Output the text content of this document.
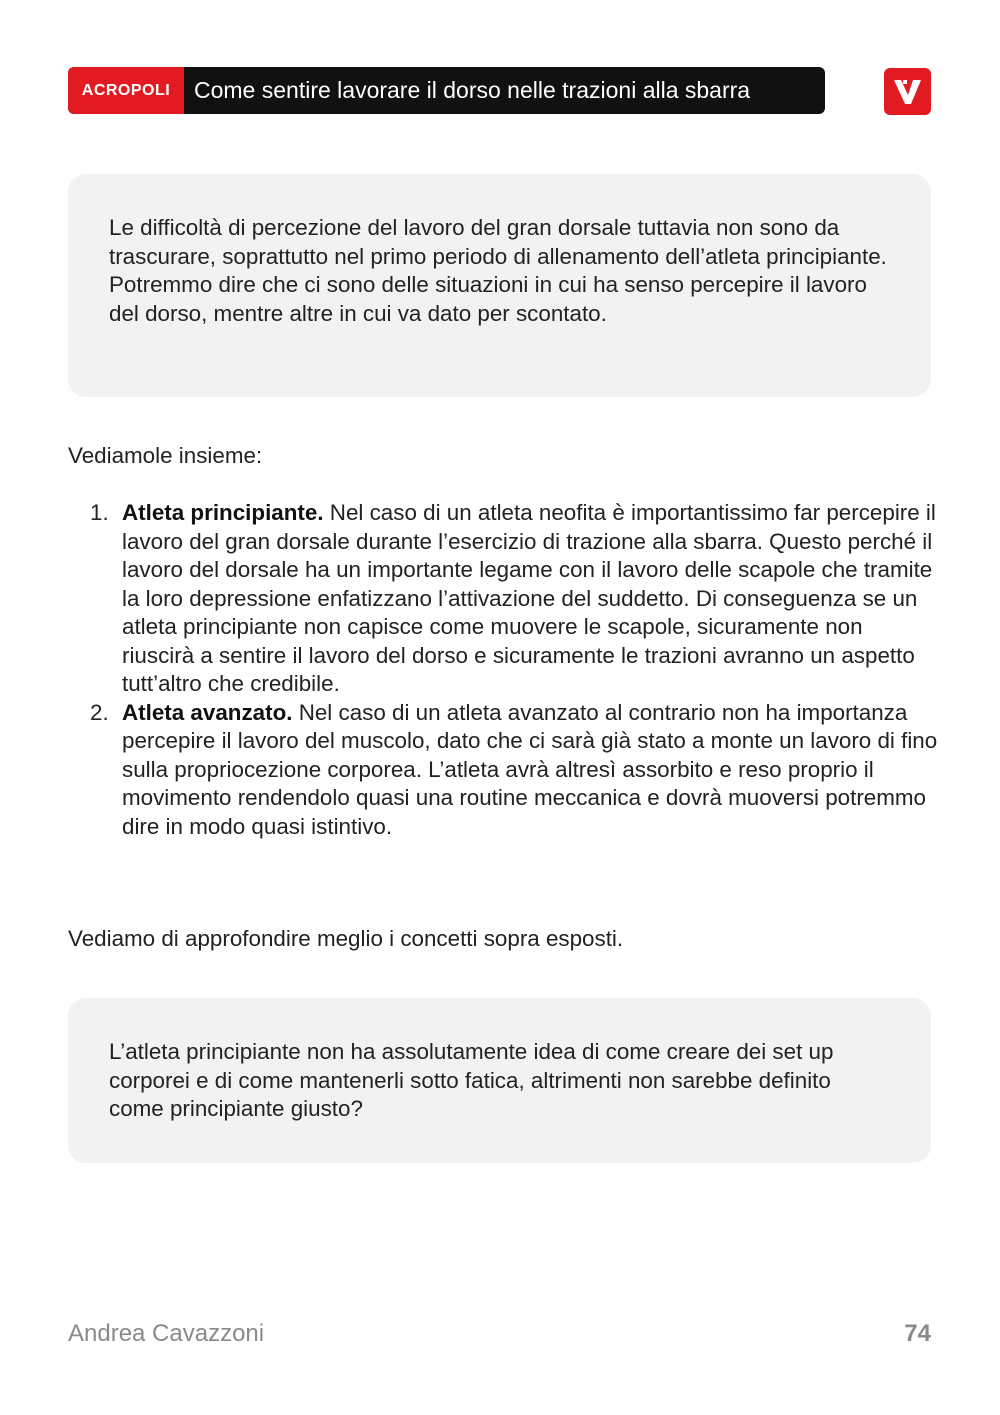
ACROPOLI	Come sentire lavorare il dorso nelle trazioni alla sbarra
Le difficoltà di percezione del lavoro del gran dorsale tuttavia non sono da trascurare, soprattutto nel primo periodo di allenamento dell’atleta principiante. Potremmo dire che ci sono delle situazioni in cui ha senso percepire il lavoro del dorso, mentre altre in cui va dato per scontato.

Vediamole insieme:

1. Atleta principiante. Nel caso di un atleta neofita è importantissimo far percepire il lavoro del gran dorsale durante l’esercizio di trazione alla sbarra. Questo perché il lavoro del dorsale ha un importante legame con il lavoro delle scapole che tramite la loro depressione enfatizzano l’attivazione del suddetto. Di conseguenza se un atleta principiante non capisce come muovere le scapole, sicuramente non riuscirà a sentire il lavoro del dorso e sicuramente le trazioni avranno un aspetto tutt’altro che credibile.
2. Atleta avanzato. Nel caso di un atleta avanzato al contrario non ha importanza percepire il lavoro del muscolo, dato che ci sarà già stato a monte un lavoro di fino sulla propriocezione corporea. L’atleta avrà altresì assorbito e reso proprio il movimento rendendolo quasi una routine meccanica e dovrà muoversi potremmo dire in modo quasi istintivo.

Vediamo di approfondire meglio i concetti sopra esposti.

L’atleta principiante non ha assolutamente idea di come creare dei set up corporei e di come mantenerli sotto fatica, altrimenti non sarebbe definito come principiante giusto?
Andrea Cavazzoni	74
